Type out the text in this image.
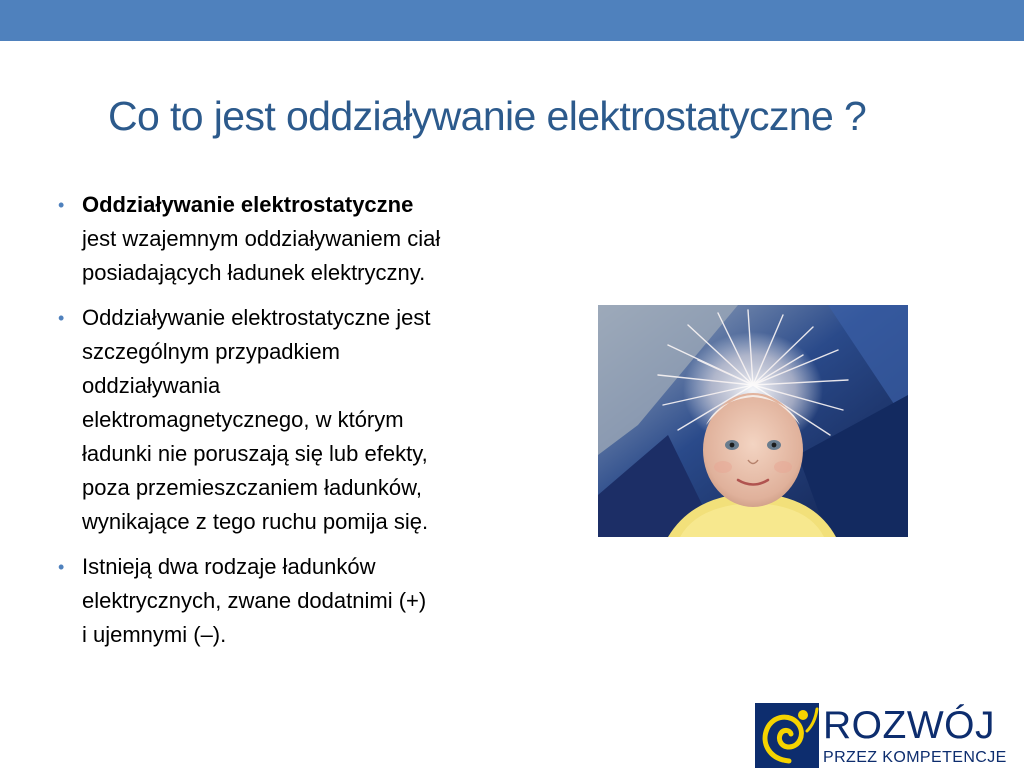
Co to jest oddziaływanie elektrostatyczne ?
• Oddziaływanie elektrostatyczne
jest wzajemnym oddziaływaniem ciał
posiadających ładunek elektryczny.
• Oddziaływanie elektrostatyczne jest
szczególnym przypadkiem
oddziaływania
elektromagnetycznego, w którym
ładunki nie poruszają się lub efekty,
poza przemieszczaniem ładunków,
wynikające z tego ruchu pomija się.
• Istnieją dwa rodzaje ładunków
elektrycznych, zwane dodatnimi (+)
i ujemnymi (–).
ROZWÓJ
PRZEZ KOMPETENCJE
